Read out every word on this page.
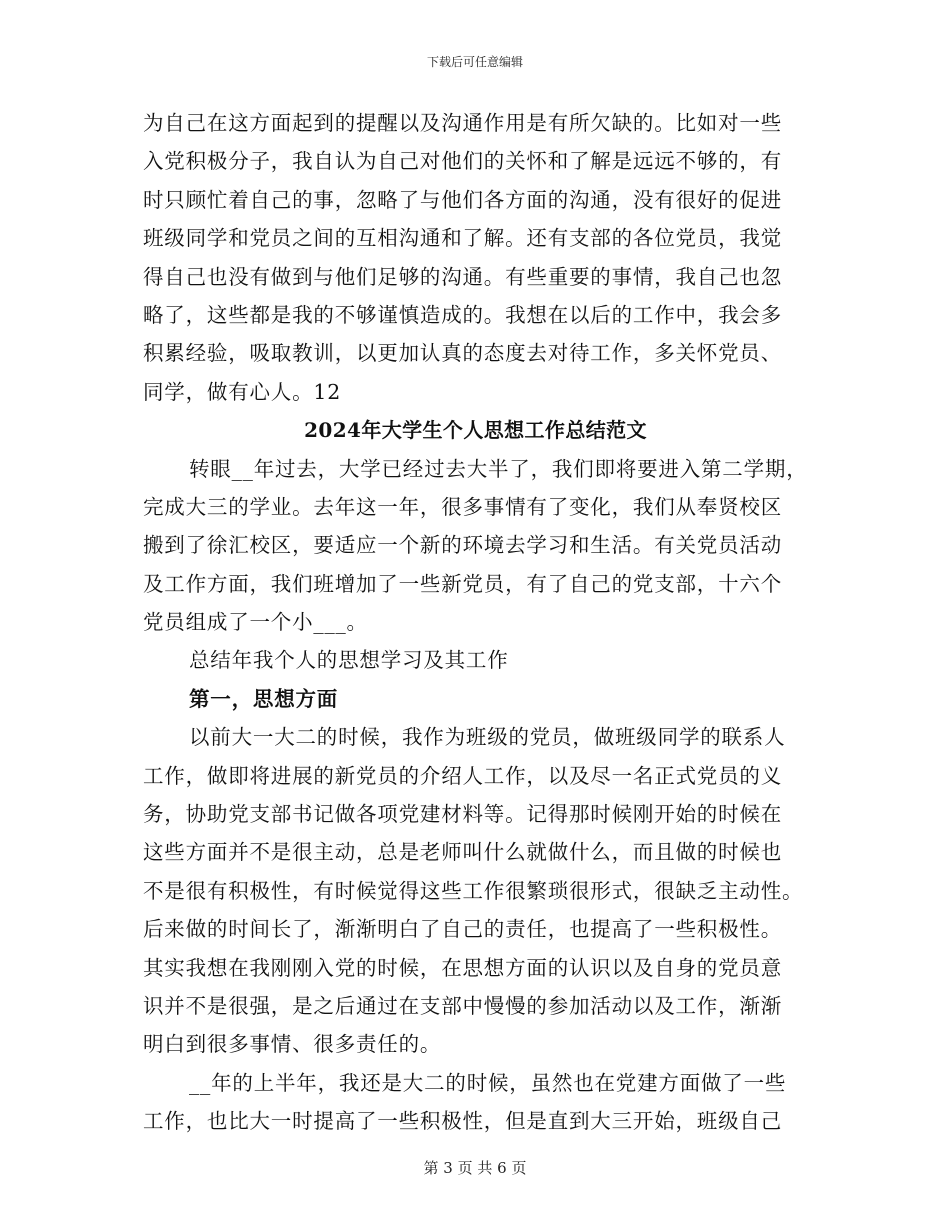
下载后可任意编辑
为自己在这方面起到的提醒以及沟通作用是有所欠缺的。比如对一些
入党积极分子，我自认为自己对他们的关怀和了解是远远不够的，有
时只顾忙着自己的事，忽略了与他们各方面的沟通，没有很好的促进
班级同学和党员之间的互相沟通和了解。还有支部的各位党员，我觉
得自己也没有做到与他们足够的沟通。有些重要的事情，我自己也忽
略了，这些都是我的不够谨慎造成的。我想在以后的工作中，我会多
积累经验，吸取教训，以更加认真的态度去对待工作，多关怀党员、
同学，做有心人。12
2024年大学生个人思想工作总结范文
转眼__年过去，大学已经过去大半了，我们即将要进入第二学期，
完成大三的学业。去年这一年，很多事情有了变化，我们从奉贤校区
搬到了徐汇校区，要适应一个新的环境去学习和生活。有关党员活动
及工作方面，我们班增加了一些新党员，有了自己的党支部，十六个
党员组成了一个小___。
总结年我个人的思想学习及其工作
第一，思想方面
以前大一大二的时候，我作为班级的党员，做班级同学的联系人
工作，做即将进展的新党员的介绍人工作，以及尽一名正式党员的义
务，协助党支部书记做各项党建材料等。记得那时候刚开始的时候在
这些方面并不是很主动，总是老师叫什么就做什么，而且做的时候也
不是很有积极性，有时候觉得这些工作很繁琐很形式，很缺乏主动性。
后来做的时间长了，渐渐明白了自己的责任，也提高了一些积极性。
其实我想在我刚刚入党的时候，在思想方面的认识以及自身的党员意
识并不是很强，是之后通过在支部中慢慢的参加活动以及工作，渐渐
明白到很多事情、很多责任的。
__年的上半年，我还是大二的时候，虽然也在党建方面做了一些
工作，也比大一时提高了一些积极性，但是直到大三开始，班级自己
第 3 页 共 6 页
